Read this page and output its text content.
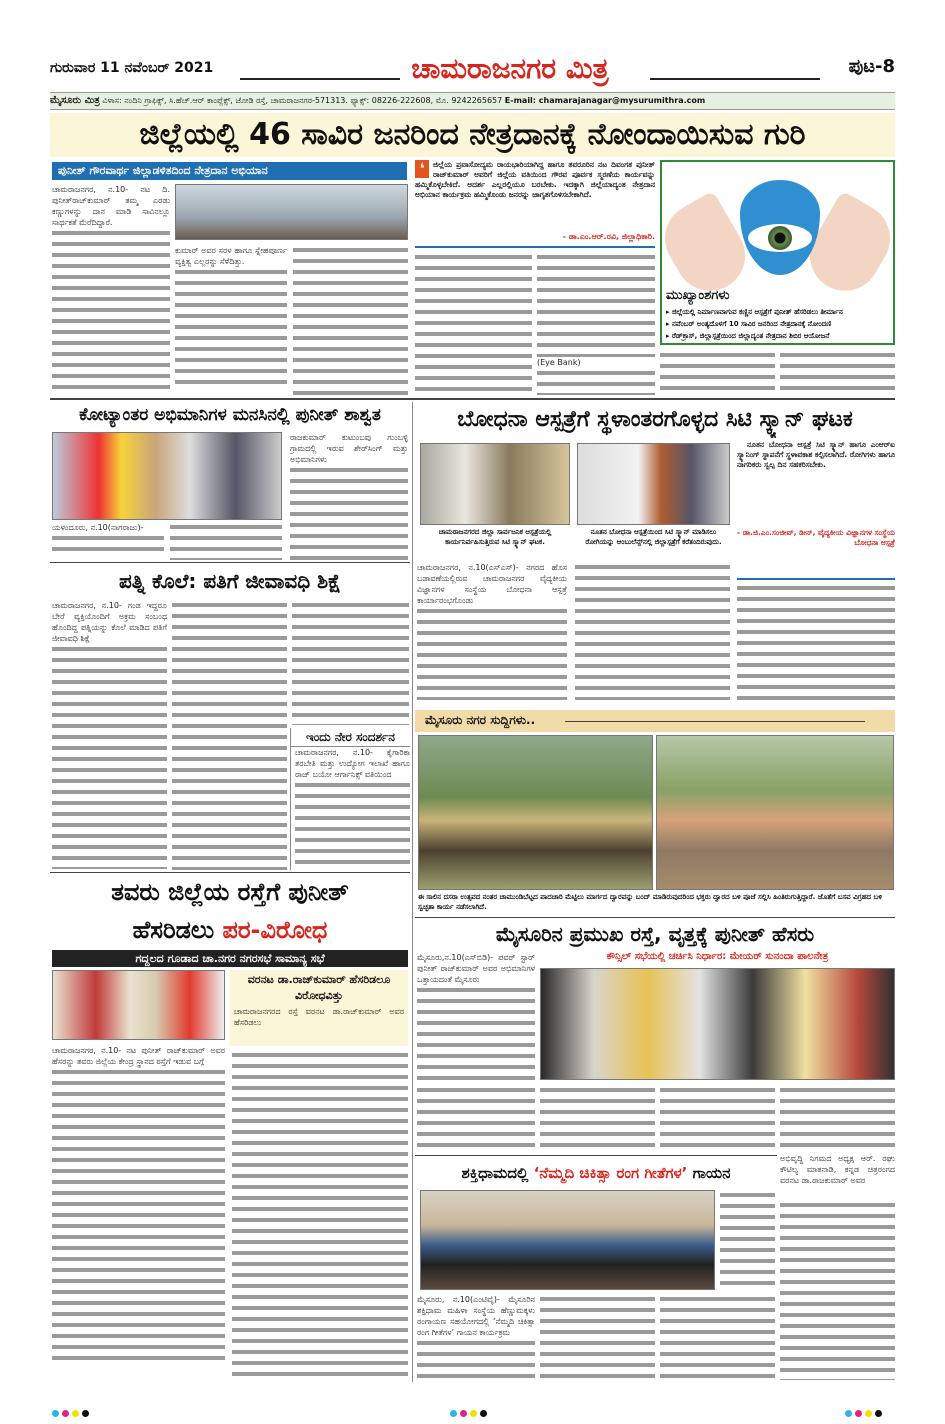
ಗುರುವಾರ 11 ನವೆಂಬರ್ 2021	ಚಾಮರಾಜನಗರ ಮಿತ್ರ	ಪುಟ-8
ಮೈಸೂರು ಮಿತ್ರ ವಿಳಾಸ: ನಂದಿನಿ ಗ್ರಾಫಿಕ್ಸ್, ಸಿ.ಹೆಚ್.ಆರ್ ಕಾಂಪ್ಲೆಕ್ಸ್, ಜೋಡಿ ರಸ್ತೆ, ಚಾಮರಾಜನಗರ-571313. ಫ್ಯಾಕ್ಸ್: 08226-222608, ಮೊ. 9242265657 E-mail: chamarajanagar@mysurumithra.com
ಜಿಲ್ಲೆಯಲ್ಲಿ 46 ಸಾವಿರ ಜನರಿಂದ ನೇತ್ರದಾನಕ್ಕೆ ನೋಂದಾಯಿಸುವ ಗುರಿ
ಪುನೀತ್ ಗೌರವಾರ್ಥ ಜಿಲ್ಲಾಡಳಿತದಿಂದ ನೇತ್ರದಾನ ಅಭಿಯಾನ
ಚಾಮರಾಜನಗರ, ನ.10- ನಟ ದಿ. ಪುನೀತ್‌ರಾಜ್‌ಕುಮಾರ್ ತಮ್ಮ ಎರಡು ಕಣ್ಣುಗಳನ್ನು ದಾನ ಮಾಡಿ ಸಾವಿನಲ್ಲೂ ಸಾರ್ಥಕತೆ ಮೆರೆದಿದ್ದಾರೆ.
ಕುಮಾರ್ ಅವರ ಸರಳ ಹಾಗೂ ಸ್ನೇಹಪೂರ್ಣ ವ್ಯಕ್ತಿತ್ವ ಎಲ್ಲರನ್ನು ಸೆಳೆದಿತ್ತು.
❛	ಜಿಲ್ಲೆಯ ಪ್ರವಾಸೋದ್ಯಮ ರಾಯಭಾರಿಯಾಗಿದ್ದ ಹಾಗೂ ತವರೂರಿನ ನಟ ದಿವಂಗತ ಪುನೀತ್ ರಾಜ್‌ಕುಮಾರ್ ಅವರಿಗೆ ಜಿಲ್ಲೆಯ ವತಿಯಿಂದ ಗೌರವ ಪೂರ್ವಕ ಸ್ಮರಣೆಯ ಕಾರ್ಯವನ್ನು ಹಮ್ಮಿಕೊಳ್ಳಬೇಕಿದೆ. ಅದರ್ಶ ಎಲ್ಲರಲ್ಲಿಯೂ ಬರಬೇಕು. ಇದಕ್ಕಾಗಿ ಜಿಲ್ಲೆಯಾದ್ಯಂತ ನೇತ್ರದಾನ ಅಭಿಯಾನ ಕಾರ್ಯಕ್ರಮ ಹಮ್ಮಿಕೊಂಡು ಜನರನ್ನು ಜಾಗೃತಗೊಳಿಸಬೇಕಾಗಿದೆ.
- ಡಾ.ಎಂ.ಆರ್.ರವಿ, ಜಿಲ್ಲಾಧಿಕಾರಿ.
(Eye Bank)
ಮುಖ್ಯಾಂಶಗಳು
▸ ಜಿಲ್ಲೆಯಲ್ಲಿ ನಿರ್ಮಾಣವಾಗುವ ಕಣ್ಣಿನ ಆಸ್ಪತ್ರೆಗೆ ಪುನೀತ್ ಹೆಸರಿಡಲು ತೀರ್ಮಾನ
▸ ನವೆಂಬರ್ ಅಂತ್ಯದೊಳಗೆ 10 ಸಾವಿರ ಜನರಿಂದ ನೇತ್ರದಾನಕ್ಕೆ ನೋಂದಣಿ
▸ ರೆಡ್‌ಕ್ರಾಸ್, ಜಿಲ್ಲಾಸ್ಪತ್ರೆಯಿಂದ ಜಿಲ್ಲಾದ್ಯಂತ ನೇತ್ರದಾನ ಶಿಬಿರ ಆಯೋಜನೆ
ಕೋಟ್ಯಾಂತರ ಅಭಿಮಾನಿಗಳ ಮನಸಿನಲ್ಲಿ ಪುನೀತ್ ಶಾಶ್ವತ
ರಾಜಕುಮಾರ್ ಕುಟುಂಬವು ಗುಂಬಳ್ಳಿ ಗ್ರಾಮದಲ್ಲಿ ಇರುವ ಶೇರ್‌ಸಿಂಗ್ ಮತ್ತು ಅಭಿಮಾನಿಗಳು
ಯಳಂದೂರು, ನ.10(ನಾಗರಾಜು)-
ಬೋಧನಾ ಆಸ್ಪತ್ರೆಗೆ ಸ್ಥಳಾಂತರಗೊಳ್ಳದ ಸಿಟಿ ಸ್ಕ್ಯಾನ್ ಘಟಕ
ಚಾಮರಾಜನಗರದ ಜಿಲ್ಲಾ ಸಾರ್ವಜನಿಕ ಆಸ್ಪತ್ರೆಯಲ್ಲಿ ಕಾರ್ಯನಿರ್ವಹಿಸುತ್ತಿರುವ ಸಿಟಿ ಸ್ಕ್ಯಾನ್ ಘಟಕ.
ನೂತನ ಬೋಧನಾ ಆಸ್ಪತ್ರೆಯಿಂದ ಸಿಟಿ ಸ್ಕ್ಯಾನ್ ಮಾಡಿಸಲು ರೋಗಿಯನ್ನು ಆಂಬುಲೆನ್ಸ್‌ನಲ್ಲಿ ಜಿಲ್ಲಾಸ್ಪತ್ರೆಗೆ ಕರೆತಂದಿರುವುದು.
ಚಾಮರಾಜನಗರ, ನ.10(ಎಸ್‌ಎಸ್)- ನಗರದ ಹೊಸ ಬಡಾವಣೆಯಲ್ಲಿರುವ ಚಾಮರಾಜನಗರ ವೈದ್ಯಕೀಯ ವಿಜ್ಞಾನಗಳ ಸಂಸ್ಥೆಯ ಬೋಧನಾ ಆಸ್ಪತ್ರೆ ಕಾರ್ಯಾರಂಭಗೊಂಡು
ನೂತನ ಬೋಧನಾ ಆಸ್ಪತ್ರೆ ಸಿಟಿ ಸ್ಕ್ಯಾನ್ ಹಾಗೂ ಎಂಆರ್‌ಐ ಸ್ಕ್ಯಾನಿಂಗ್ ಸ್ಥಾಪನೆಗೆ ಸ್ಥಳಾವಕಾಶ ಕಲ್ಪಿಸಲಾಗಿದೆ. ರೋಗಿಗಳು ಹಾಗೂ ನಾಗರಿಕರು ಸ್ವಲ್ಪ ದಿನ ಸಹಕರಿಸಬೇಕು.
- ಡಾ.ಜಿ.ಎಂ.ಸಂಜೀವ್, ಡೀನ್, ವೈದ್ಯಕೀಯ ವಿಜ್ಞಾನಗಳ ಸಂಸ್ಥೆಯ ಬೋಧನಾ ಆಸ್ಪತ್ರೆ
ಪತ್ನಿ ಕೊಲೆ: ಪತಿಗೆ ಜೀವಾವಧಿ ಶಿಕ್ಷೆ
ಚಾಮರಾಜನಗರ, ನ.10- ಗಂಡ ಇದ್ದರೂ ಬೇರೆ ವ್ಯಕ್ತಿಯೊಂದಿಗೆ ಅಕ್ರಮ ಸಂಬಂಧ ಹೊಂದಿದ್ದ ಪತ್ನಿಯನ್ನು ಕೊಲೆ ಮಾಡಿದ ಪತಿಗೆ ಜೀವಾವಧಿ ಶಿಕ್ಷೆ
ಇಂದು ನೇರ ಸಂದರ್ಶನ
ಚಾಮರಾಜನಗರ, ನ.10- ಕೈಗಾರಿಕಾ ತರಬೇತಿ ಮತ್ತು ಉದ್ಯೋಗ ಇಲಾಖೆ ಹಾಗೂ ರಾಜ್ ಬಯೋ ಆರ್ಗಾನಿಕ್ಸ್ ವತಿಯಿಂದ
ಮೈಸೂರು ನಗರ ಸುದ್ದಿಗಳು..
ಈ ಸಾಲಿನ ದಸರಾ ಉತ್ಸವದ ನಂತರ ಚಾಮುಂಡಿಬೆಟ್ಟದ ಪಾದಚಾರಿ ಮೆಟ್ಟಿಲು ಮಾರ್ಗದ ದ್ವಾರವನ್ನು ಬಂದ್ ಮಾಡಿರುವುದರಿಂದ ಭಕ್ತರು ದ್ವಾರದ ಬಳಿ ಪೂಜೆ ಸಲ್ಲಿಸಿ ಹಿಂತಿರುಗುತ್ತಿದ್ದಾರೆ. ಜೊತೆಗೆ ಬಸವ ವಿಗ್ರಹದ ಬಳಿ ಸ್ವಚ್ಛತಾ ಕಾರ್ಯ ನಡೆಸಲಾಗಿದೆ.
ತವರು ಜಿಲ್ಲೆಯ ರಸ್ತೆಗೆ ಪುನೀತ್
ಹೆಸರಿಡಲು ಪರ-ವಿರೋಧ
ಗದ್ದಲದ ಗೂಡಾದ ಚಾ.ನಗರ ನಗರಸಭೆ ಸಾಮಾನ್ಯ ಸಭೆ
ವರನಟ ಡಾ.ರಾಜ್‌ಕುಮಾರ್ ಹೆಸರಿಡಲೂ ವಿರೋಧವಿತ್ತು
ಚಾಮರಾಜನಗರದ ರಸ್ತೆ ವರನಟ ಡಾ.ರಾಜ್‌ಕುಮಾರ್ ಅವರ ಹೆಸರಿಡಲು
ಚಾಮರಾಜನಗರ, ನ.10- ನಟ ಪುನೀತ್ ರಾಜ್‌ಕುಮಾರ್ ಅವರ ಹೆಸರನ್ನು ತವರು ಜಿಲ್ಲೆಯ ಕೇಂದ್ರ ಸ್ಥಾನದ ರಸ್ತೆಗೆ ಇಡುವ ಬಗ್ಗೆ
ಮೈಸೂರಿನ ಪ್ರಮುಖ ರಸ್ತೆ, ವೃತ್ತಕ್ಕೆ ಪುನೀತ್ ಹೆಸರು
ಕೌನ್ಸಿಲ್ ಸಭೆಯಲ್ಲಿ ಚರ್ಚಿಸಿ ನಿರ್ಧಾರ: ಮೇಯರ್ ಸುನಂದಾ ಪಾಲನೇತ್ರ
ಮೈಸೂರು,ನ.10(ಎಸ್‌ಬಿಡಿ)- ಪವರ್ ಸ್ಟಾರ್ ಪುನೀತ್ ರಾಜ್‌ಕುಮಾರ್ ಅವರ ಅಭಿಮಾನಿಗಳ ಒತ್ತಾಯದಂತೆ ಮೈಸೂರು
ಅಭಿವೃದ್ಧಿ ನಿಗಮದ ಅಧ್ಯಕ್ಷ ಆರ್. ರಘು ಕೌಟಿಲ್ಯ ಮಾತನಾಡಿ, ಕನ್ನಡ ಚಿತ್ರರಂಗದ ವರನಟ ಡಾ.ರಾಜಕುಮಾರ್ ಅವರ
ಶಕ್ತಿಧಾಮದಲ್ಲಿ ‘ನೆಮ್ಮದಿ ಚಿಕಿತ್ಸಾ ರಂಗ ಗೀತೆಗಳ’ ಗಾಯನ
ಮೈಸೂರು, ನ.10(ಎಂಟಿವೈ)- ಮೈಸೂರಿನ ಶಕ್ತಿಧಾಮ ಮಹಿಳಾ ಸಂಸ್ಥೆಯ ಹೆಣ್ಣುಮಕ್ಕಳು ರಂಗಾಯಣ ಸಹಯೋಗದಲ್ಲಿ ‘ನೆಮ್ಮದಿ ಚಿಕಿತ್ಸಾ ರಂಗ ಗೀತೆಗಳ’ ಗಾಯನ ಕಾರ್ಯಕ್ರಮ
